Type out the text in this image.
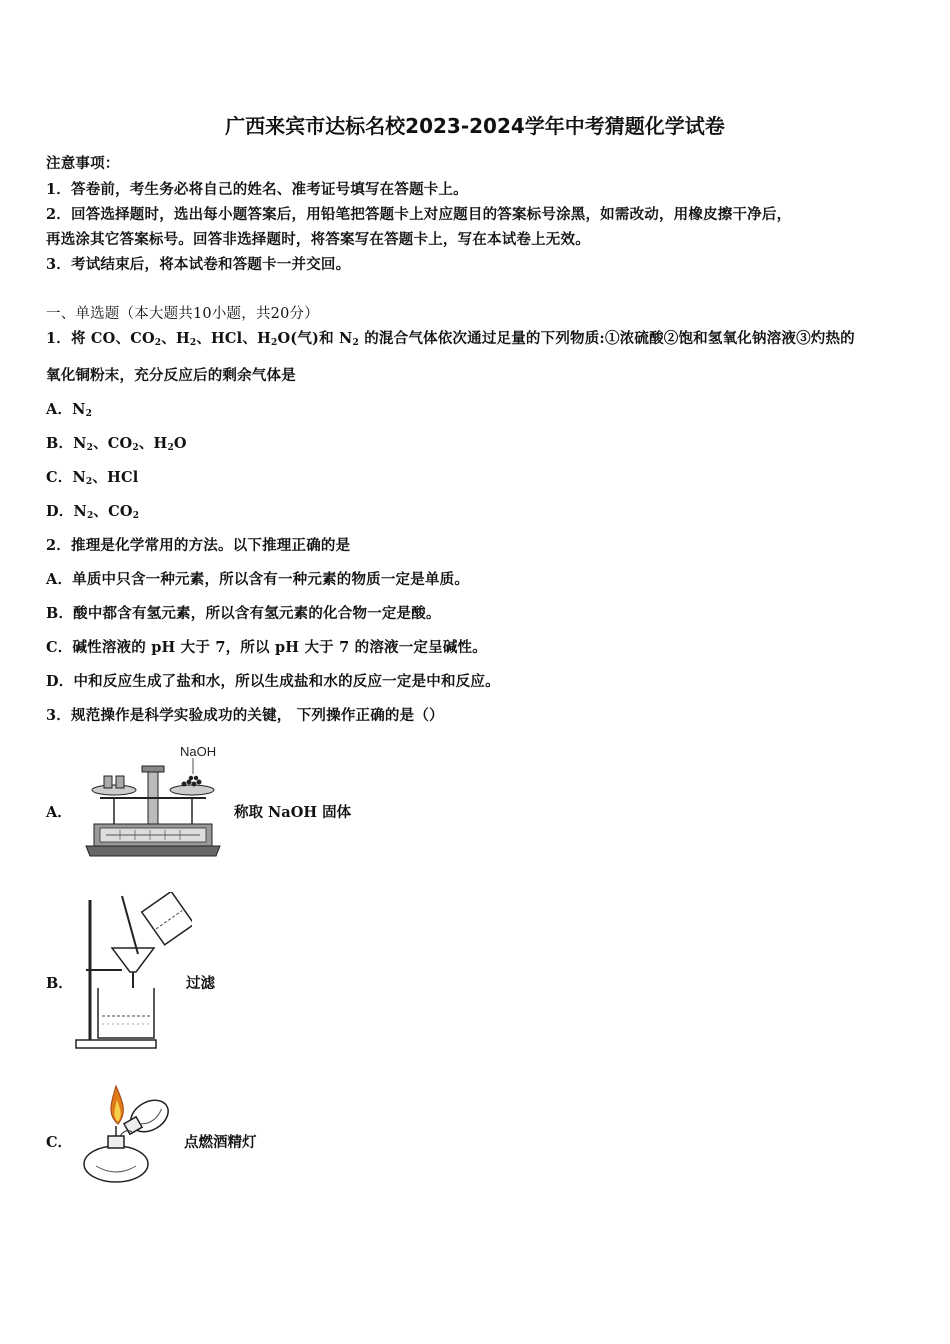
广西来宾市达标名校2023-2024学年中考猜题化学试卷
注意事项：
1．答卷前，考生务必将自己的姓名、准考证号填写在答题卡上。
2．回答选择题时，选出每小题答案后，用铅笔把答题卡上对应题目的答案标号涂黑，如需改动，用橡皮擦干净后，
再选涂其它答案标号。回答非选择题时，将答案写在答题卡上，写在本试卷上无效。
3．考试结束后，将本试卷和答题卡一并交回。
一、单选题（本大题共10小题，共20分）
1．将 CO、$CO_2$、$H_2$、HCl、$H_2O$(气)和 $N_2$ 的混合气体依次通过足量的下列物质:①浓硫酸②饱和氢氧化钠溶液③灼热的
氧化铜粉末，充分反应后的剩余气体是
A．$N_2$
B．$N_2$、$CO_2$、$H_2O$
C．$N_2$、HCl
D．$N_2$、$CO_2$
2．推理是化学常用的方法。以下推理正确的是
A．单质中只含一种元素，所以含有一种元素的物质一定是单质。
B．酸中都含有氢元素，所以含有氢元素的化合物一定是酸。
C．碱性溶液的 pH 大于 7，所以 pH 大于 7 的溶液一定呈碱性。
D．中和反应生成了盐和水，所以生成盐和水的反应一定是中和反应。
3．规范操作是科学实验成功的关键， 下列操作正确的是（）
A．
NaOH
称取 NaOH 固体
B．	过滤
C．	点燃酒精灯
